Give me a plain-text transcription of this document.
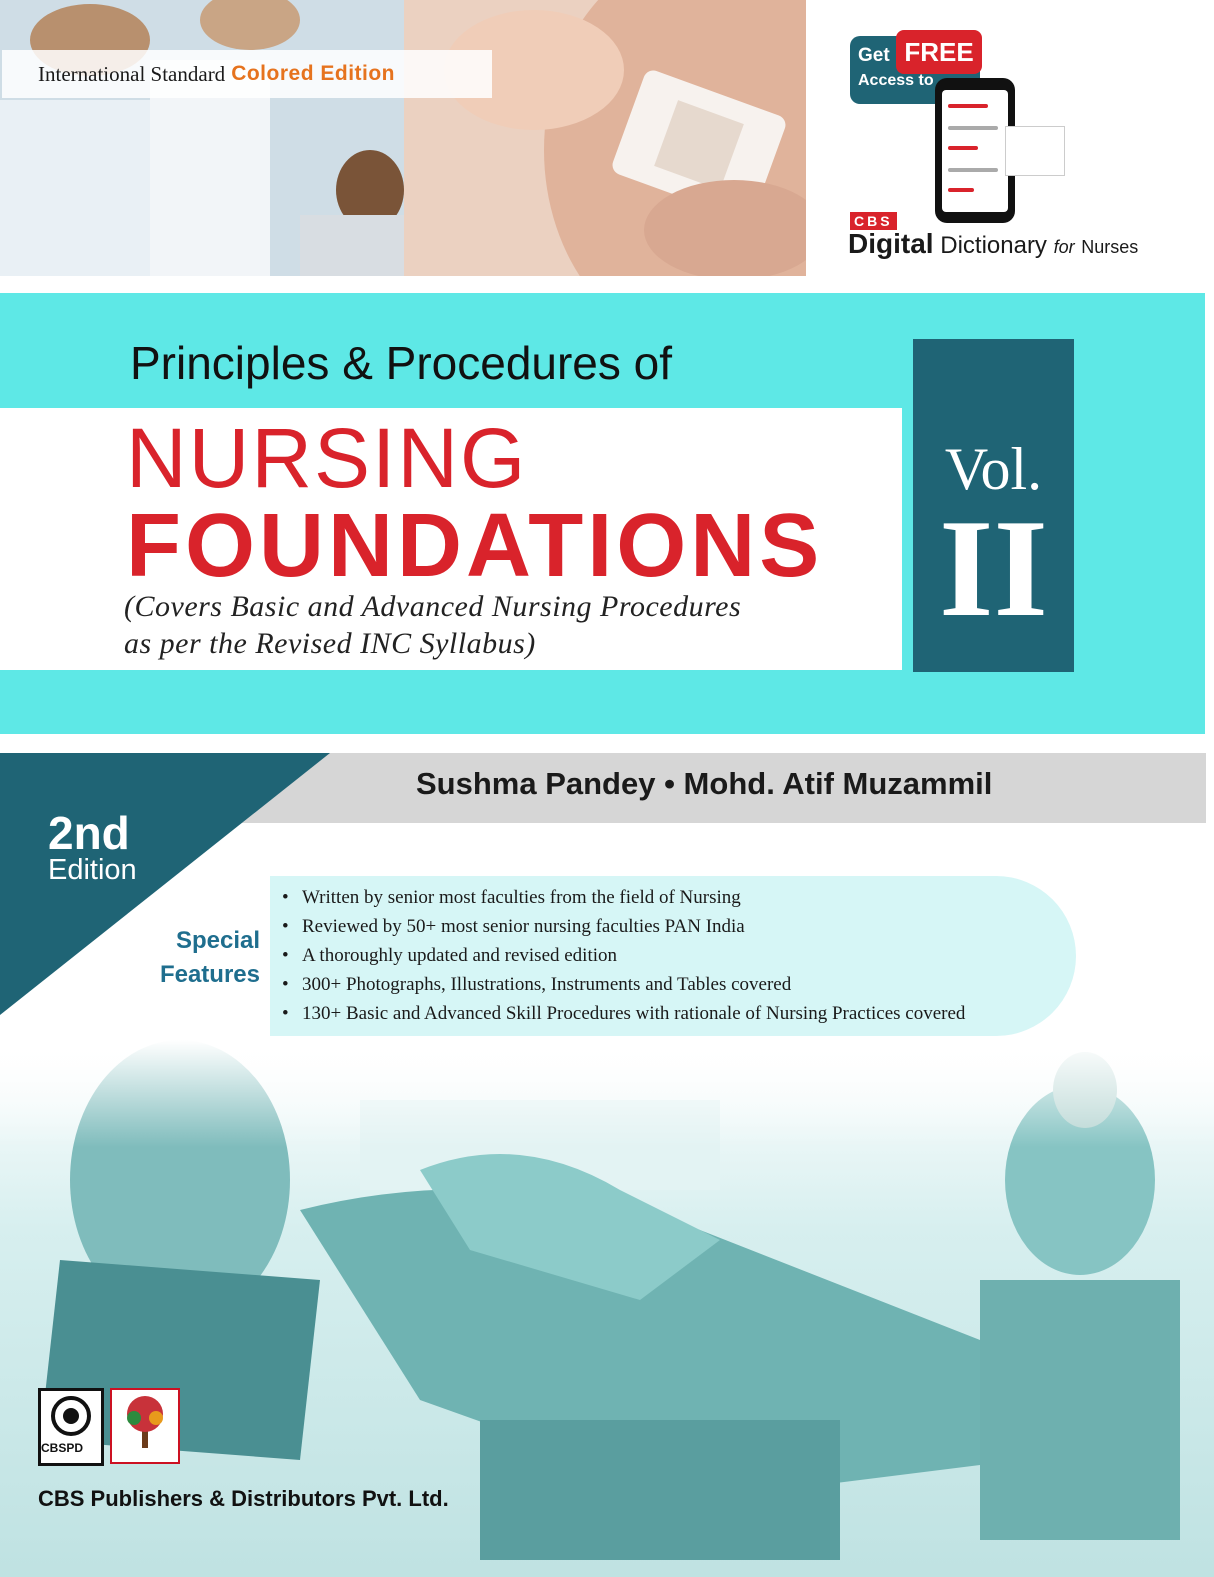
International Standard Colored Edition
FREE
Get
Access to
CBS
Digital Dictionary for Nurses
Principles & Procedures of
NURSING
FOUNDATIONS
(Covers Basic and Advanced Nursing Procedures
as per the Revised INC Syllabus)
Vol.
II
Sushma Pandey • Mohd. Atif Muzammil
2nd
Edition
Special
Features
• Written by senior most faculties from the field of Nursing
• Reviewed by 50+ most senior nursing faculties PAN India
• A thoroughly updated and revised edition
• 300+ Photographs, Illustrations, Instruments and Tables covered
• 130+ Basic and Advanced Skill Procedures with rationale of Nursing Practices covered
CBSPD
CBS Publishers & Distributors Pvt. Ltd.
